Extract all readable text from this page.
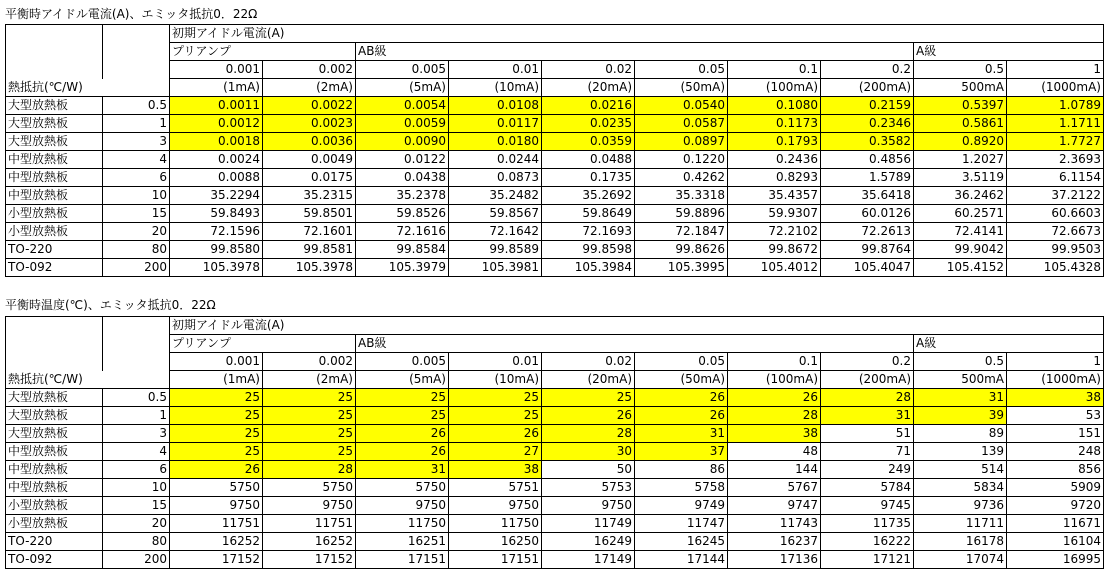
平衡時アイドル電流(A)、エミッタ抵抗0．22Ω
		初期アイドル電流(A)									
		プリアンプ		AB級						A級	
		0.001	0.002	0.005	0.01	0.02	0.05	0.1	0.2	0.5	1
熱抵抗(℃/W)		(1mA)	(2mA)	(5mA)	(10mA)	(20mA)	(50mA)	(100mA)	(200mA)	500mA	(1000mA)
大型放熱板	0.5	0.0011	0.0022	0.0054	0.0108	0.0216	0.0540	0.1080	0.2159	0.5397	1.0789
大型放熱板	1	0.0012	0.0023	0.0059	0.0117	0.0235	0.0587	0.1173	0.2346	0.5861	1.1711
大型放熱板	3	0.0018	0.0036	0.0090	0.0180	0.0359	0.0897	0.1793	0.3582	0.8920	1.7727
中型放熱板	4	0.0024	0.0049	0.0122	0.0244	0.0488	0.1220	0.2436	0.4856	1.2027	2.3693
中型放熱板	6	0.0088	0.0175	0.0438	0.0873	0.1735	0.4262	0.8293	1.5789	3.5119	6.1154
中型放熱板	10	35.2294	35.2315	35.2378	35.2482	35.2692	35.3318	35.4357	35.6418	36.2462	37.2122
小型放熱板	15	59.8493	59.8501	59.8526	59.8567	59.8649	59.8896	59.9307	60.0126	60.2571	60.6603
小型放熱板	20	72.1596	72.1601	72.1616	72.1642	72.1693	72.1847	72.2102	72.2613	72.4141	72.6673
TO-220	80	99.8580	99.8581	99.8584	99.8589	99.8598	99.8626	99.8672	99.8764	99.9042	99.9503
TO-092	200	105.3978	105.3978	105.3979	105.3981	105.3984	105.3995	105.4012	105.4047	105.4152	105.4328
平衡時温度(℃)、エミッタ抵抗0．22Ω
		初期アイドル電流(A)									
		プリアンプ		AB級						A級	
		0.001	0.002	0.005	0.01	0.02	0.05	0.1	0.2	0.5	1
熱抵抗(℃/W)		(1mA)	(2mA)	(5mA)	(10mA)	(20mA)	(50mA)	(100mA)	(200mA)	500mA	(1000mA)
大型放熱板	0.5	25	25	25	25	25	26	26	28	31	38
大型放熱板	1	25	25	25	25	26	26	28	31	39	53
大型放熱板	3	25	25	26	26	28	31	38	51	89	151
中型放熱板	4	25	25	26	27	30	37	48	71	139	248
中型放熱板	6	26	28	31	38	50	86	144	249	514	856
中型放熱板	10	5750	5750	5750	5751	5753	5758	5767	5784	5834	5909
小型放熱板	15	9750	9750	9750	9750	9750	9749	9747	9745	9736	9720
小型放熱板	20	11751	11751	11750	11750	11749	11747	11743	11735	11711	11671
TO-220	80	16252	16252	16251	16250	16249	16245	16237	16222	16178	16104
TO-092	200	17152	17152	17151	17151	17149	17144	17136	17121	17074	16995
